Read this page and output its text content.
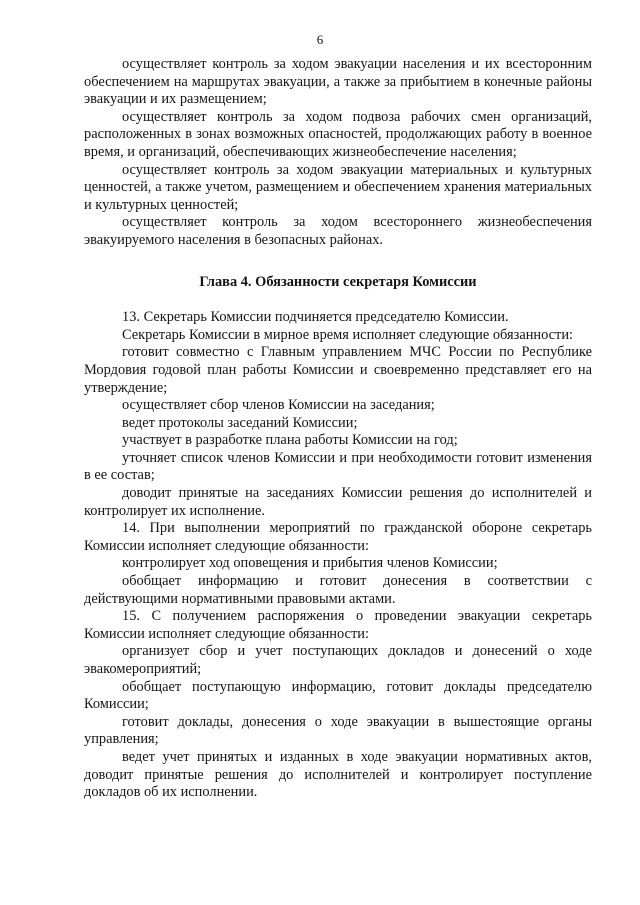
6

осуществляет контроль за ходом эвакуации населения и их всесторонним обеспечением на маршрутах эвакуации, а также за прибытием в конечные районы эвакуации и их размещением;

осуществляет контроль за ходом подвоза рабочих смен организаций, расположенных в зонах возможных опасностей, продолжающих работу в военное время, и организаций, обеспечивающих жизнеобеспечение населения;

осуществляет контроль за ходом эвакуации материальных и культурных ценностей, а также учетом, размещением и обеспечением хранения материальных и культурных ценностей;

осуществляет контроль за ходом всестороннего жизнеобеспечения эвакуируемого населения в безопасных районах.

Глава 4. Обязанности секретаря Комиссии

13. Секретарь Комиссии подчиняется председателю Комиссии.

Секретарь Комиссии в мирное время исполняет следующие обязанности:

готовит совместно с Главным управлением МЧС России по Республике Мордовия годовой план работы Комиссии и своевременно представляет его на утверждение;

осуществляет сбор членов Комиссии на заседания;

ведет протоколы заседаний Комиссии;

участвует в разработке плана работы Комиссии на год;

уточняет список членов Комиссии и при необходимости готовит изменения в ее состав;

доводит принятые на заседаниях Комиссии решения до исполнителей и контролирует их исполнение.

14. При выполнении мероприятий по гражданской обороне секретарь Комиссии исполняет следующие обязанности:

контролирует ход оповещения и прибытия членов Комиссии;

обобщает информацию и готовит донесения в соответствии с действующими нормативными правовыми актами.

15. С получением распоряжения о проведении эвакуации секретарь Комиссии исполняет следующие обязанности:

организует сбор и учет поступающих докладов и донесений о ходе эвакомероприятий;

обобщает поступающую информацию, готовит доклады председателю Комиссии;

готовит доклады, донесения о ходе эвакуации в вышестоящие органы управления;

ведет учет принятых и изданных в ходе эвакуации нормативных актов, доводит принятые решения до исполнителей и контролирует поступление докладов об их исполнении.
